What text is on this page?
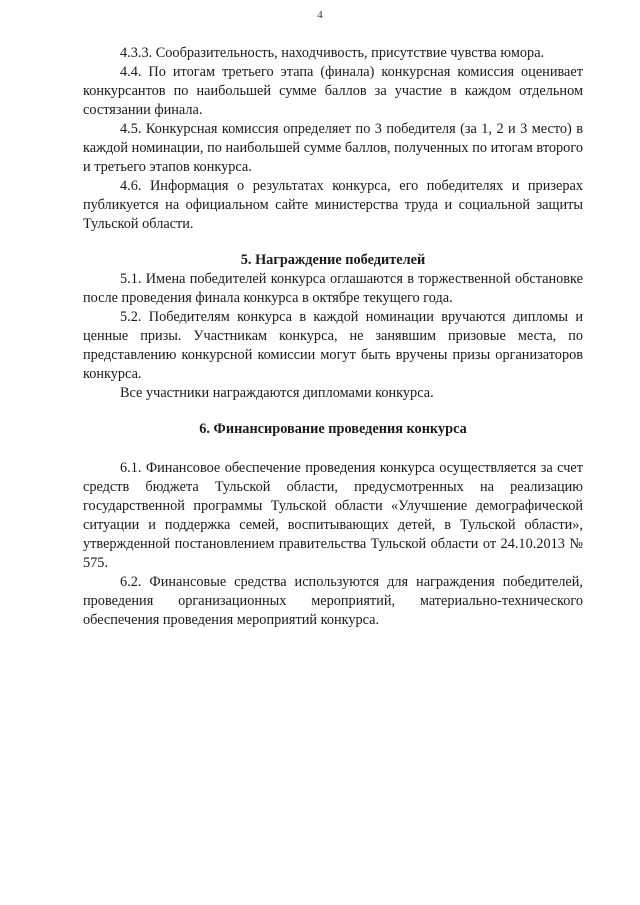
4

4.3.3. Сообразительность, находчивость, присутствие чувства юмора.

4.4. По итогам третьего этапа (финала) конкурсная комиссия оценивает конкурсантов по наибольшей сумме баллов за участие в каждом отдельном состязании финала.

4.5. Конкурсная комиссия определяет по 3 победителя (за 1, 2 и 3 место) в каждой номинации, по наибольшей сумме баллов, полученных по итогам второго и третьего этапов конкурса.

4.6. Информация о результатах конкурса, его победителях и призерах публикуется на официальном сайте министерства труда и социальной защиты Тульской области.

5. Награждение победителей

5.1. Имена победителей конкурса оглашаются в торжественной обстановке после проведения финала конкурса в октябре текущего года.

5.2. Победителям конкурса в каждой номинации вручаются дипломы и ценные призы. Участникам конкурса, не занявшим призовые места, по представлению конкурсной комиссии могут быть вручены призы организаторов конкурса.

Все участники награждаются дипломами конкурса.

6. Финансирование проведения конкурса

6.1. Финансовое обеспечение проведения конкурса осуществляется за счет средств бюджета Тульской области, предусмотренных на реализацию государственной программы Тульской области «Улучшение демографической ситуации и поддержка семей, воспитывающих детей, в Тульской области», утвержденной постановлением правительства Тульской области от 24.10.2013 № 575.

6.2. Финансовые средства используются для награждения победителей, проведения организационных мероприятий, материально-технического обеспечения проведения мероприятий конкурса.
